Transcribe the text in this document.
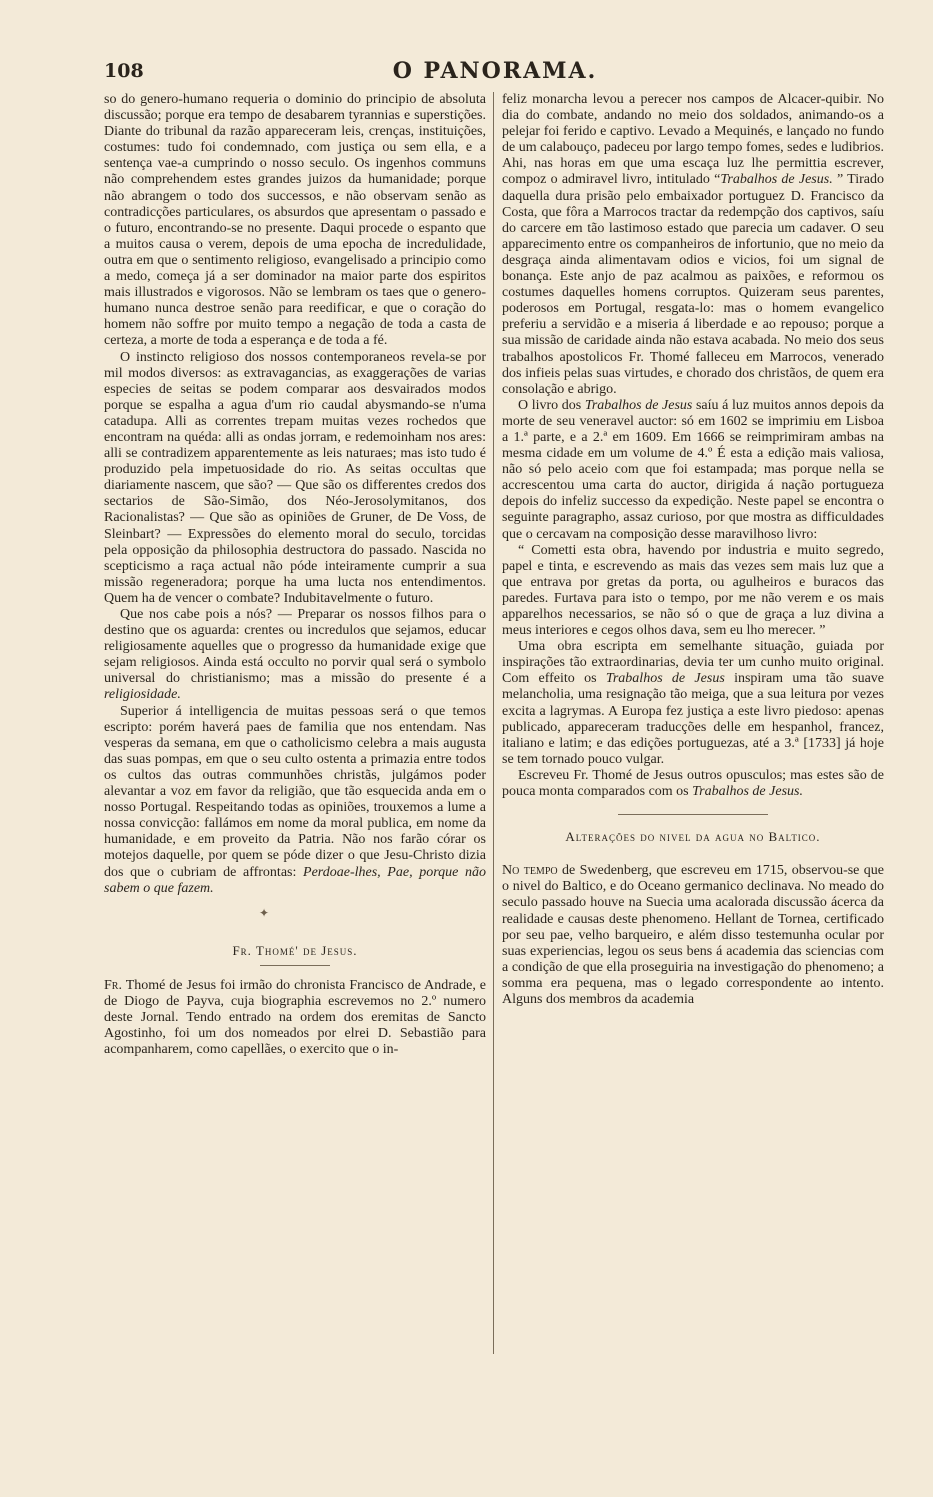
108	O PANORAMA.

so do genero-humano requeria o dominio do principio de absoluta discussão; porque era tempo de desabarem tyrannias e superstições. Diante do tribunal da razão appareceram leis, crenças, instituições, costumes: tudo foi condemnado, com justiça ou sem ella, e a sentença vae-a cumprindo o nosso seculo. Os ingenhos communs não comprehendem estes grandes juizos da humanidade; porque não abrangem o todo dos successos, e não observam senão as contradicções particulares, os absurdos que apresentam o passado e o futuro, encontrando-se no presente. Daqui procede o espanto que a muitos causa o verem, depois de uma epocha de incredulidade, outra em que o sentimento religioso, evangelisado a principio como a medo, começa já a ser dominador na maior parte dos espiritos mais illustrados e vigorosos. Não se lembram os taes que o genero-humano nunca destroe senão para reedificar, e que o coração do homem não soffre por muito tempo a negação de toda a casta de certeza, a morte de toda a esperança e de toda a fé.

O instincto religioso dos nossos contemporaneos revela-se por mil modos diversos: as extravagancias, as exaggerações de varias especies de seitas se podem comparar aos desvairados modos porque se espalha a agua d'um rio caudal abysmando-se n'uma catadupa. Alli as correntes trepam muitas vezes rochedos que encontram na quéda: alli as ondas jorram, e redemoinham nos ares: alli se contradizem apparentemente as leis naturaes; mas isto tudo é produzido pela impetuosidade do rio. As seitas occultas que diariamente nascem, que são? — Que são os differentes credos dos sectarios de São-Simão, dos Néo-Jerosolymitanos, dos Racionalistas? — Que são as opiniões de Gruner, de De Voss, de Sleinbart? — Expressões do elemento moral do seculo, torcidas pela opposição da philosophia destructora do passado. Nascida no scepticismo a raça actual não póde inteiramente cumprir a sua missão regeneradora; porque ha uma lucta nos entendimentos. Quem ha de vencer o combate? Indubitavelmente o futuro.

Que nos cabe pois a nós? — Preparar os nossos filhos para o destino que os aguarda: crentes ou incredulos que sejamos, educar religiosamente aquelles que o progresso da humanidade exige que sejam religiosos. Ainda está occulto no porvir qual será o symbolo universal do christianismo; mas a missão do presente é a religiosidade.

Superior á intelligencia de muitas pessoas será o que temos escripto: porém haverá paes de familia que nos entendam. Nas vesperas da semana, em que o catholicismo celebra a mais augusta das suas pompas, em que o seu culto ostenta a primazia entre todos os cultos das outras communhões christãs, julgámos poder alevantar a voz em favor da religião, que tão esquecida anda em o nosso Portugal. Respeitando todas as opiniões, trouxemos a lume a nossa convicção: fallámos em nome da moral publica, em nome da humanidade, e em proveito da Patria. Não nos farão córar os motejos daquelle, por quem se póde dizer o que Jesu-Christo dizia dos que o cubriam de affrontas: Perdoae-lhes, Pae, porque não sabem o que fazem.

✦
Fr. Thomé' de Jesus.

Fr. Thomé de Jesus foi irmão do chronista Francisco de Andrade, e de Diogo de Payva, cuja biographia escrevemos no 2.º numero deste Jornal. Tendo entrado na ordem dos eremitas de Sancto Agostinho, foi um dos nomeados por elrei D. Sebastião para acompanharem, como capellães, o exercito que o in-

feliz monarcha levou a perecer nos campos de Alcacer-quibir. No dia do combate, andando no meio dos soldados, animando-os a pelejar foi ferido e captivo. Levado a Mequinés, e lançado no fundo de um calabouço, padeceu por largo tempo fomes, sedes e ludibrios. Ahi, nas horas em que uma escaça luz lhe permittia escrever, compoz o admiravel livro, intitulado “Trabalhos de Jesus. ” Tirado daquella dura prisão pelo embaixador portuguez D. Francisco da Costa, que fôra a Marrocos tractar da redempção dos captivos, saíu do carcere em tão lastimoso estado que parecia um cadaver. O seu apparecimento entre os companheiros de infortunio, que no meio da desgraça ainda alimentavam odios e vicios, foi um signal de bonança. Este anjo de paz acalmou as paixões, e reformou os costumes daquelles homens corruptos. Quizeram seus parentes, poderosos em Portugal, resgata-lo: mas o homem evangelico preferiu a servidão e a miseria á liberdade e ao repouso; porque a sua missão de caridade ainda não estava acabada. No meio dos seus trabalhos apostolicos Fr. Thomé falleceu em Marrocos, venerado dos infieis pelas suas virtudes, e chorado dos christãos, de quem era consolação e abrigo.

O livro dos Trabalhos de Jesus saíu á luz muitos annos depois da morte de seu veneravel auctor: só em 1602 se imprimiu em Lisboa a 1.ª parte, e a 2.ª em 1609. Em 1666 se reimprimiram ambas na mesma cidade em um volume de 4.º É esta a edição mais valiosa, não só pelo aceio com que foi estampada; mas porque nella se accrescentou uma carta do auctor, dirigida á nação portugueza depois do infeliz successo da expedição. Neste papel se encontra o seguinte paragrapho, assaz curioso, por que mostra as difficuldades que o cercavam na composição desse maravilhoso livro:

“ Cometti esta obra, havendo por industria e muito segredo, papel e tinta, e escrevendo as mais das vezes sem mais luz que a que entrava por gretas da porta, ou agulheiros e buracos das paredes. Furtava para isto o tempo, por me não verem e os mais apparelhos necessarios, se não só o que de graça a luz divina a meus interiores e cegos olhos dava, sem eu lho merecer. ”

Uma obra escripta em semelhante situação, guiada por inspirações tão extraordinarias, devia ter um cunho muito original. Com effeito os Trabalhos de Jesus inspiram uma tão suave melancholia, uma resignação tão meiga, que a sua leitura por vezes excita a lagrymas. A Europa fez justiça a este livro piedoso: apenas publicado, appareceram traducções delle em hespanhol, francez, italiano e latim; e das edições portuguezas, até a 3.ª [1733] já hoje se tem tornado pouco vulgar.

Escreveu Fr. Thomé de Jesus outros opusculos; mas estes são de pouca monta comparados com os Trabalhos de Jesus.

Alterações do nivel da agua no Baltico.

No tempo de Swedenberg, que escreveu em 1715, observou-se que o nivel do Baltico, e do Oceano germanico declinava. No meado do seculo passado houve na Suecia uma acalorada discussão ácerca da realidade e causas deste phenomeno. Hellant de Tornea, certificado por seu pae, velho barqueiro, e além disso testemunha ocular por suas experiencias, legou os seus bens á academia das sciencias com a condição de que ella proseguiria na investigação do phenomeno; a somma era pequena, mas o legado correspondente ao intento. Alguns dos membros da academia
